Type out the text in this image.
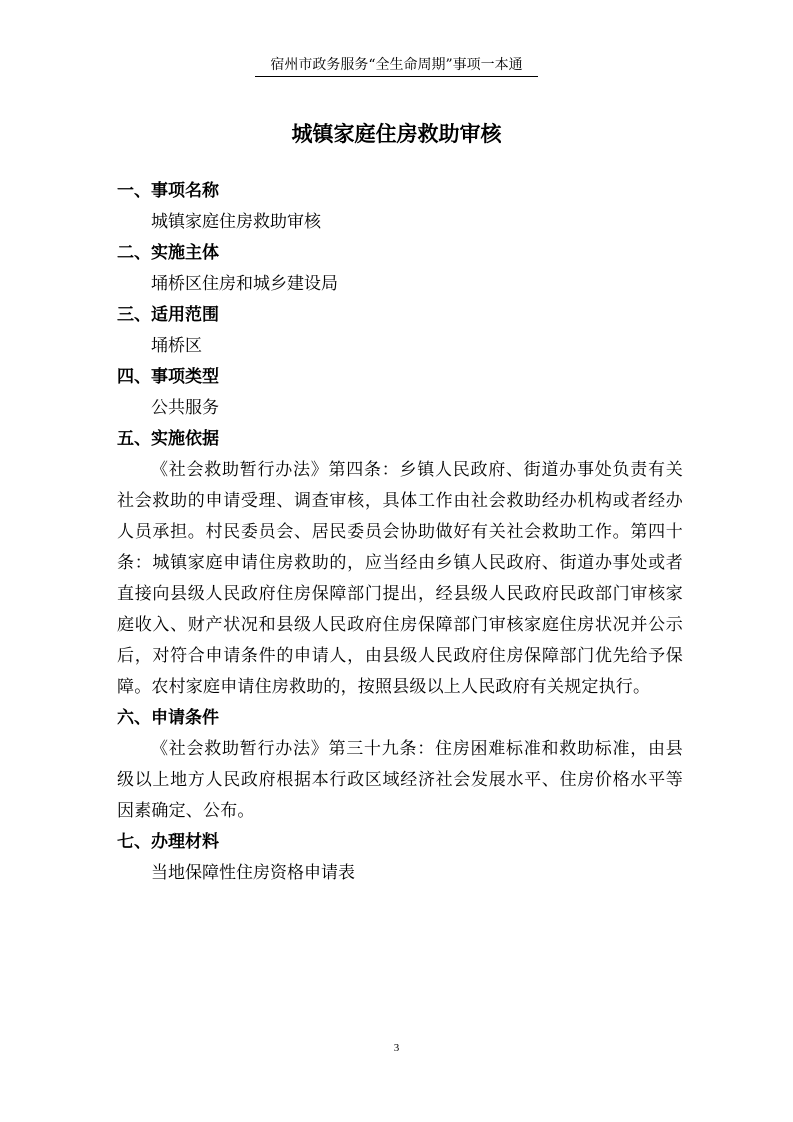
宿州市政务服务“全生命周期”事项一本通
城镇家庭住房救助审核

一、事项名称

城镇家庭住房救助审核

二、实施主体

埇桥区住房和城乡建设局

三、适用范围

埇桥区

四、事项类型

公共服务

五、实施依据

《社会救助暂行办法》第四条：乡镇人民政府、街道办事处负责有关社会救助的申请受理、调查审核，具体工作由社会救助经办机构或者经办人员承担。村民委员会、居民委员会协助做好有关社会救助工作。第四十条：城镇家庭申请住房救助的，应当经由乡镇人民政府、街道办事处或者直接向县级人民政府住房保障部门提出，经县级人民政府民政部门审核家庭收入、财产状况和县级人民政府住房保障部门审核家庭住房状况并公示后，对符合申请条件的申请人，由县级人民政府住房保障部门优先给予保障。农村家庭申请住房救助的，按照县级以上人民政府有关规定执行。

六、申请条件

《社会救助暂行办法》第三十九条：住房困难标准和救助标准，由县级以上地方人民政府根据本行政区域经济社会发展水平、住房价格水平等因素确定、公布。

七、办理材料

当地保障性住房资格申请表

3
